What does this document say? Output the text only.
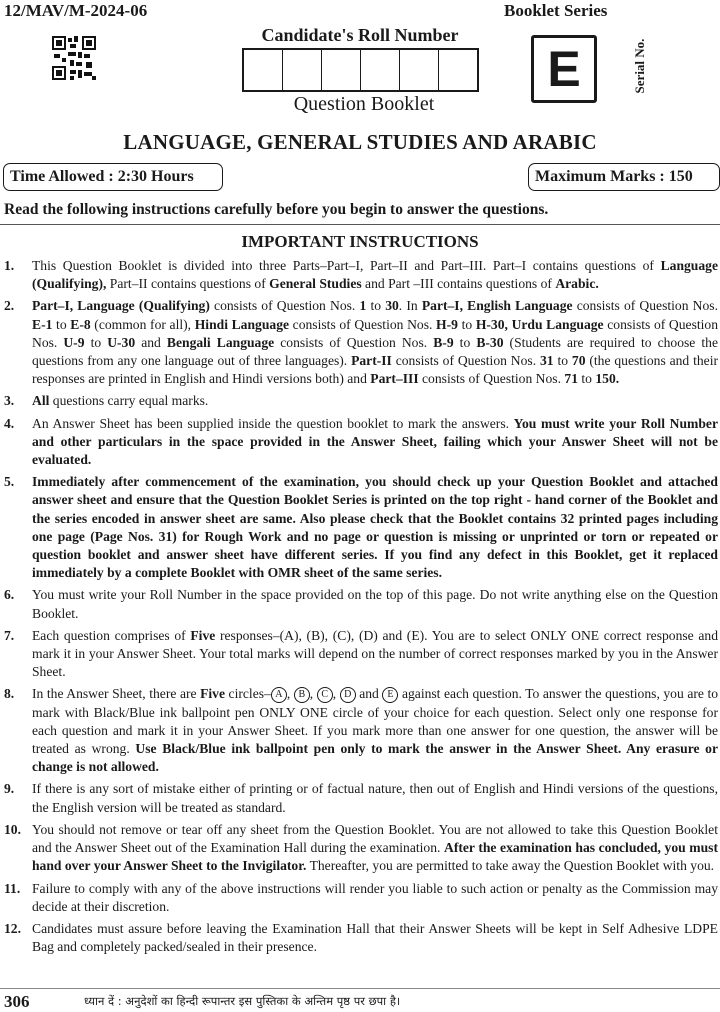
12/MAV/M-2024-06	Booklet Series
Candidate's Roll Number
Question Booklet
E	Serial No.
LANGUAGE, GENERAL STUDIES AND ARABIC
Time Allowed : 2:30 Hours	Maximum Marks : 150
Read the following instructions carefully before you begin to answer the questions.
IMPORTANT INSTRUCTIONS
1.	This Question Booklet is divided into three Parts–Part–I, Part–II and Part–III. Part–I contains questions of Language (Qualifying), Part–II contains questions of General Studies and Part –III contains questions of Arabic.
2.	Part–I, Language (Qualifying) consists of Question Nos. 1 to 30. In Part–I, English Language consists of Question Nos. E-1 to E-8 (common for all), Hindi Language consists of Question Nos. H-9 to H-30, Urdu Language consists of Question Nos. U-9 to U-30 and Bengali Language consists of Question Nos. B-9 to B-30 (Students are required to choose the questions from any one language out of three languages). Part-II consists of Question Nos. 31 to 70 (the questions and their responses are printed in English and Hindi versions both) and Part–III consists of Question Nos. 71 to 150.
3.	All questions carry equal marks.
4.	An Answer Sheet has been supplied inside the question booklet to mark the answers. You must write your Roll Number and other particulars in the space provided in the Answer Sheet, failing which your Answer Sheet will not be evaluated.
5.	Immediately after commencement of the examination, you should check up your Question Booklet and attached answer sheet and ensure that the Question Booklet Series is printed on the top right - hand corner of the Booklet and the series encoded in answer sheet are same. Also please check that the Booklet contains 32 printed pages including one page (Page Nos. 31) for Rough Work and no page or question is missing or unprinted or torn or repeated or question booklet and answer sheet have different series. If you find any defect in this Booklet, get it replaced immediately by a complete Booklet with OMR sheet of the same series.
6.	You must write your Roll Number in the space provided on the top of this page. Do not write anything else on the Question Booklet.
7.	Each question comprises of Five responses–(A), (B), (C), (D) and (E). You are to select ONLY ONE correct response and mark it in your Answer Sheet. Your total marks will depend on the number of correct responses marked by you in the Answer Sheet.
8.	In the Answer Sheet, there are Five circles– A , B , C , D and E against each question. To answer the questions, you are to mark with Black/Blue ink ballpoint pen ONLY ONE circle of your choice for each question. Select only one response for each question and mark it in your Answer Sheet. If you mark more than one answer for one question, the answer will be treated as wrong. Use Black/Blue ink ballpoint pen only to mark the answer in the Answer Sheet. Any erasure or change is not allowed.
9.	If there is any sort of mistake either of printing or of factual nature, then out of English and Hindi versions of the questions, the English version will be treated as standard.
10. You should not remove or tear off any sheet from the Question Booklet. You are not allowed to take this Question Booklet and the Answer Sheet out of the Examination Hall during the examination. After the examination has concluded, you must hand over your Answer Sheet to the Invigilator. Thereafter, you are permitted to take away the Question Booklet with you.
11. Failure to comply with any of the above instructions will render you liable to such action or penalty as the Commission may decide at their discretion.
12. Candidates must assure before leaving the Examination Hall that their Answer Sheets will be kept in Self Adhesive LDPE Bag and completely packed/sealed in their presence.
306	ध्यान दें : अनुदेशों का हिन्दी रूपान्तर इस पुस्तिका के अन्तिम पृष्ठ पर छपा है।
